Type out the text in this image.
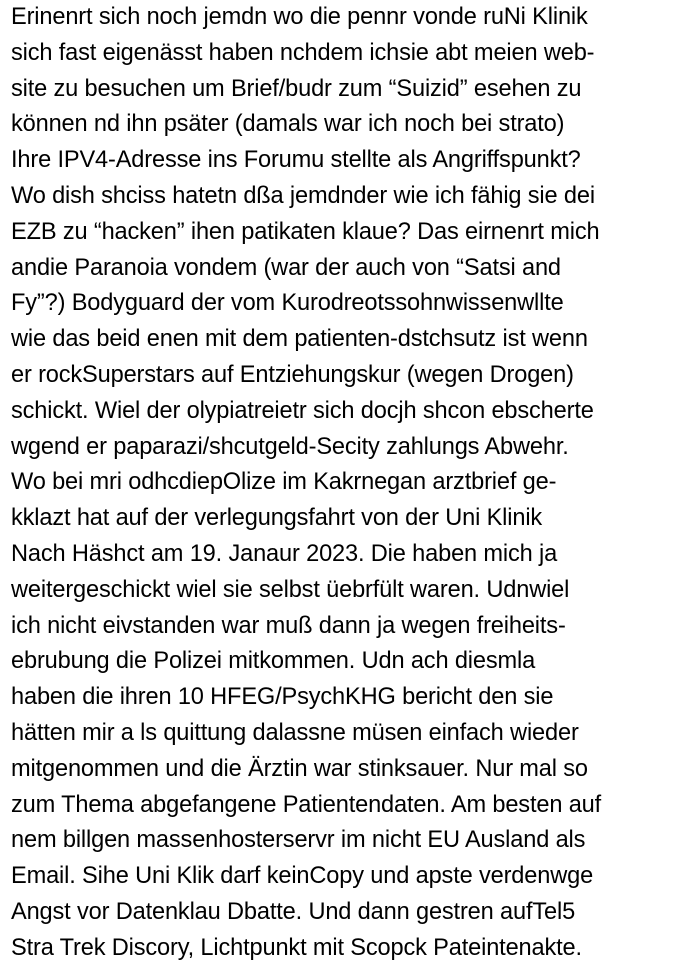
Erinenrt sich noch jemdn wo die pennr vonde ruNi Klinik
sich fast eigenässt haben nchdem ichsie abt meien web-
site zu besuchen um Brief/budr zum “Suizid” esehen zu
können nd ihn psäter (damals war ich noch bei strato)
Ihre IPV4-Adresse ins Forumu stellte als Angriffspunkt?
Wo dish shciss hatetn dßa jemdnder wie ich fähig sie dei
EZB zu “hacken” ihen patikaten klaue? Das eirnenrt mich
andie Paranoia vondem (war der auch von “Satsi and
Fy”?) Bodyguard der vom Kurodreotssohnwissenwllte
wie das beid enen mit dem patienten-dstchsutz ist wenn
er rockSuperstars auf Entziehungskur (wegen Drogen)
schickt. Wiel der olypiatreietr sich docjh shcon ebscherte
wgend er paparazi/shcutgeld-Secity zahlungs Abwehr.
Wo bei mri odhcdiepOlize im Kakrnegan arztbrief ge-
kklazt hat auf der verlegungsfahrt von der Uni Klinik
Nach Häshct am 19. Janaur 2023. Die haben mich ja
weitergeschickt wiel sie selbst üebrfült waren. Udnwiel
ich nicht eivstanden war muß dann ja wegen freiheits-
ebrubung die Polizei mitkommen. Udn ach diesmla
haben die ihren 10 HFEG/PsychKHG bericht den sie
hätten mir a ls quittung dalassne müsen einfach wieder
mitgenommen und die Ärztin war stinksauer. Nur mal so
zum Thema abgefangene Patientendaten. Am besten auf
nem billgen massenhosterservr im nicht EU Ausland als
Email. Sihe Uni Klik darf keinCopy und apste verdenwge
Angst vor Datenklau Dbatte. Und dann gestren aufTel5
Stra Trek Discory, Lichtpunkt mit Scopck Pateintenakte.
